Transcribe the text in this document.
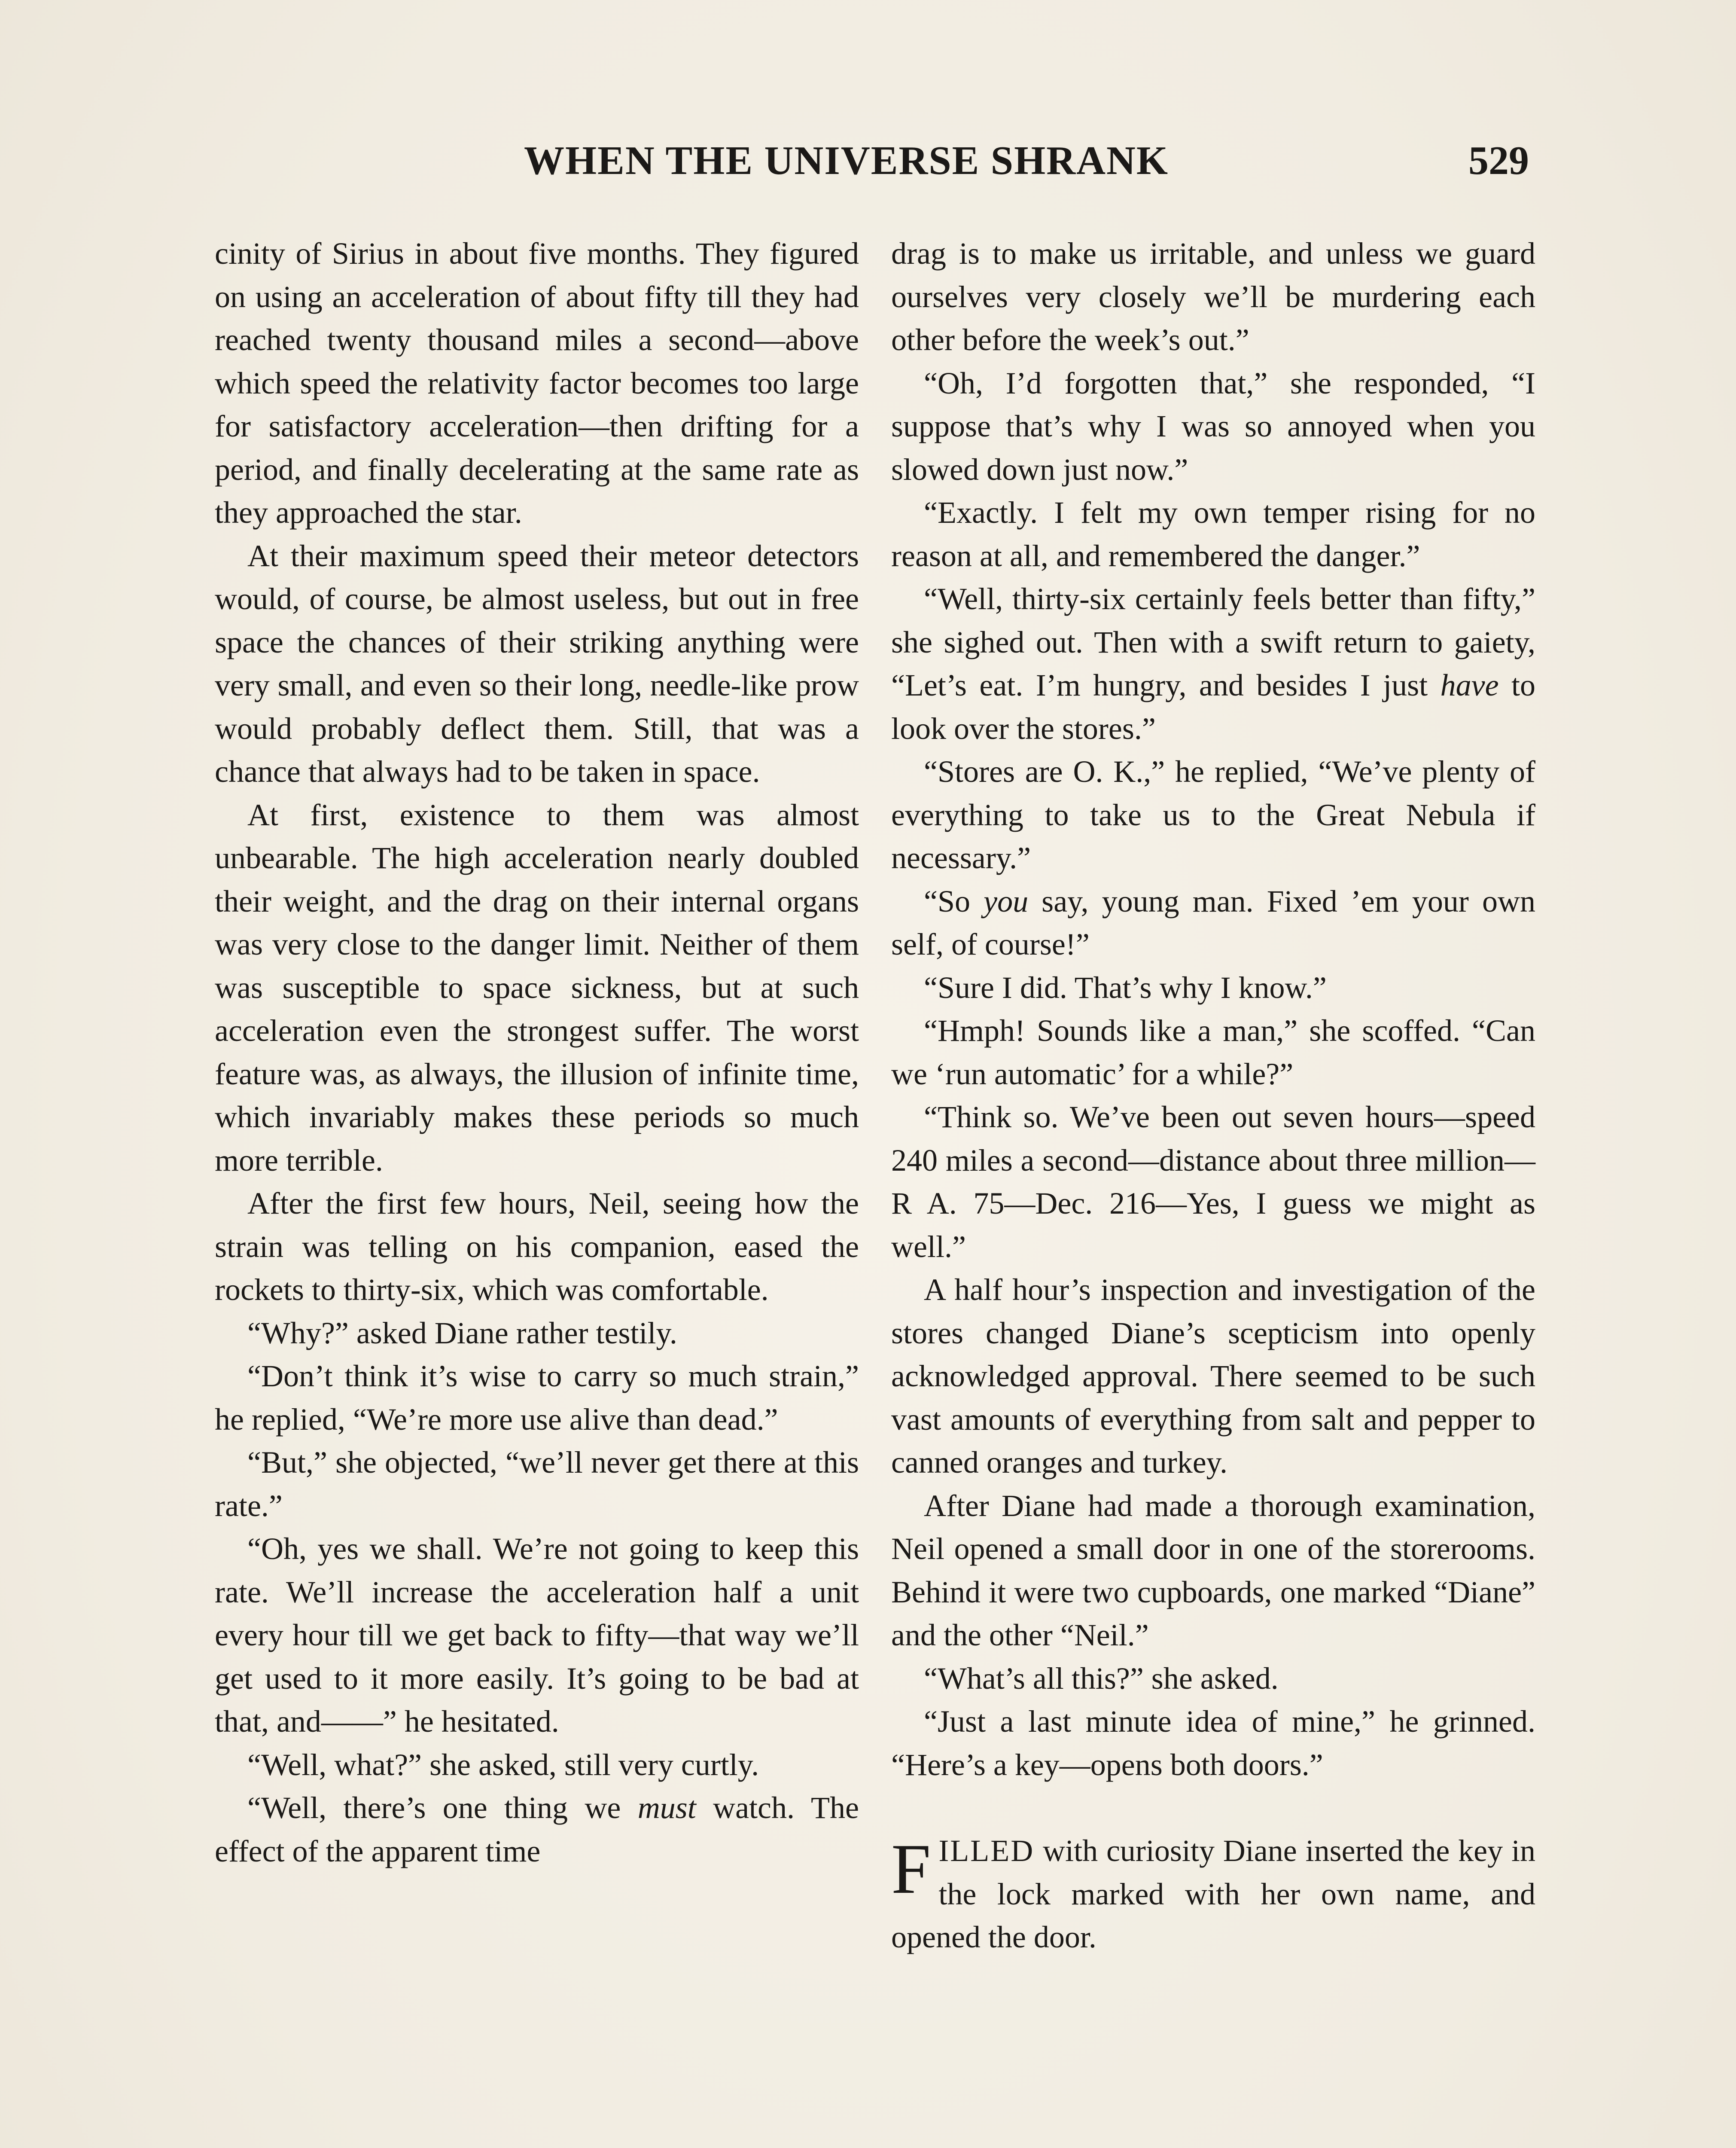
WHEN THE UNIVERSE SHRANK	529

cinity of Sirius in about five months. They figured on using an acceleration of about fifty till they had reached twenty thousand miles a second—above which speed the relativity factor becomes too large for satisfactory acceleration—then drifting for a period, and finally decelerating at the same rate as they approached the star.

At their maximum speed their meteor detectors would, of course, be almost useless, but out in free space the chances of their striking anything were very small, and even so their long, needle-like prow would probably deflect them. Still, that was a chance that always had to be taken in space.

At first, existence to them was almost unbearable. The high acceleration nearly doubled their weight, and the drag on their internal organs was very close to the danger limit. Neither of them was susceptible to space sickness, but at such acceleration even the strongest suffer. The worst feature was, as always, the illusion of infinite time, which invariably makes these periods so much more terrible.

After the first few hours, Neil, seeing how the strain was telling on his companion, eased the rockets to thirty-six, which was comfortable.

“Why?” asked Diane rather testily.

“Don’t think it’s wise to carry so much strain,” he replied, “We’re more use alive than dead.”

“But,” she objected, “we’ll never get there at this rate.”

“Oh, yes we shall. We’re not going to keep this rate. We’ll increase the acceleration half a unit every hour till we get back to fifty—that way we’ll get used to it more easily. It’s going to be bad at that, and——” he hesitated.

“Well, what?” she asked, still very curtly.

“Well, there’s one thing we must watch. The effect of the apparent time

drag is to make us irritable, and unless we guard ourselves very closely we’ll be murdering each other before the week’s out.”

“Oh, I’d forgotten that,” she responded, “I suppose that’s why I was so annoyed when you slowed down just now.”

“Exactly. I felt my own temper rising for no reason at all, and remembered the danger.”

“Well, thirty-six certainly feels better than fifty,” she sighed out. Then with a swift return to gaiety, “Let’s eat. I’m hungry, and besides I just have to look over the stores.”

“Stores are O. K.,” he replied, “We’ve plenty of everything to take us to the Great Nebula if necessary.”

“So you say, young man. Fixed ’em your own self, of course!”

“Sure I did. That’s why I know.”

“Hmph! Sounds like a man,” she scoffed. “Can we ‘run automatic’ for a while?”

“Think so. We’ve been out seven hours—speed 240 miles a second—distance about three million—R A. 75—Dec. 216—Yes, I guess we might as well.”

A half hour’s inspection and investigation of the stores changed Diane’s scepticism into openly acknowledged approval. There seemed to be such vast amounts of everything from salt and pepper to canned oranges and turkey.

After Diane had made a thorough examination, Neil opened a small door in one of the storerooms. Behind it were two cupboards, one marked “Diane” and the other “Neil.”

“What’s all this?” she asked.

“Just a last minute idea of mine,” he grinned. “Here’s a key—opens both doors.”

FILLED with curiosity Diane inserted the key in the lock marked with her own name, and opened the door.
